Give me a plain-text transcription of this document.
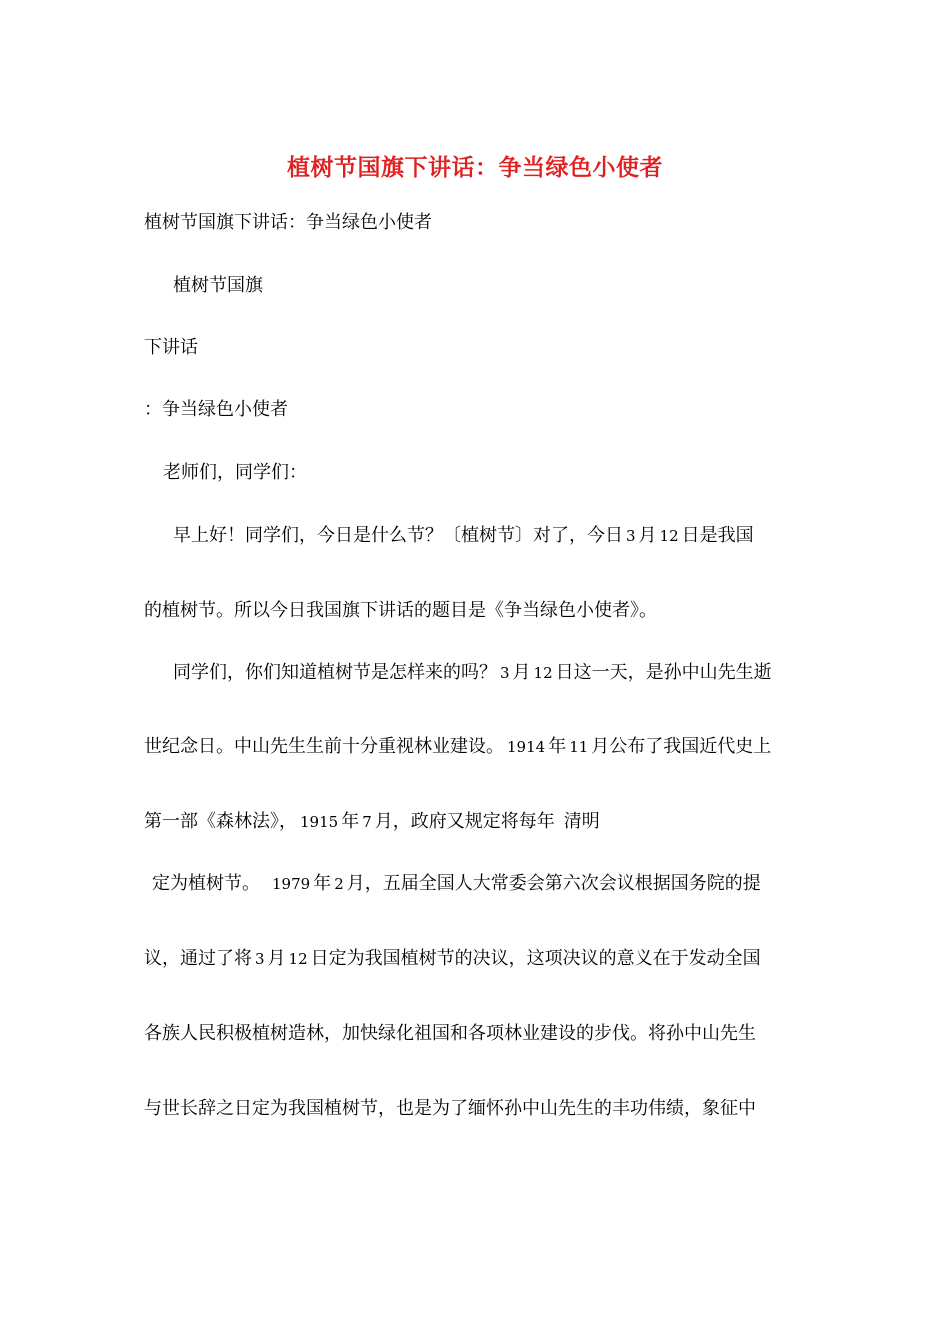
植树节国旗下讲话：争当绿色小使者
植树节国旗下讲话：争当绿色小使者
植树节国旗
下讲话
：争当绿色小使者
老师们，同学们：
早上好！同学们，今日是什么节？〔植树节〕对了，今日 3 月 12 日是我国
的植树节。所以今日我国旗下讲话的题目是《争当绿色小使者》。
同学们，你们知道植树节是怎样来的吗？ 3 月 12 日这一天，是孙中山先生逝
世纪念日。中山先生生前十分重视林业建设。 1914 年 11 月公布了我国近代史上
第一部《森林法》， 1915 年 7 月，政府又规定将每年 清明
定为植树节。 1979 年 2 月，五届全国人大常委会第六次会议根据国务院的提
议，通过了将 3 月 12 日定为我国植树节的决议，这项决议的意义在于发动全国
各族人民积极植树造林，加快绿化祖国和各项林业建设的步伐。将孙中山先生
与世长辞之日定为我国植树节，也是为了缅怀孙中山先生的丰功伟绩，象征中
